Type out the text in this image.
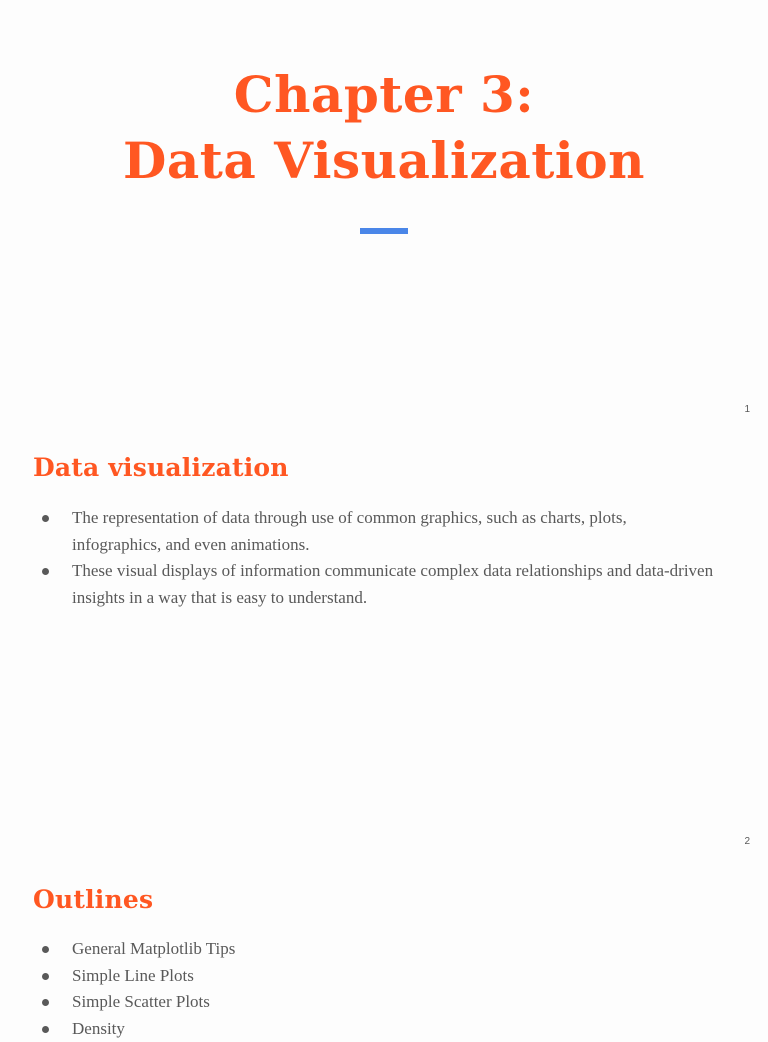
Chapter 3:
Data Visualization
1
Data visualization
The representation of data through use of common graphics, such as charts, plots, infographics, and even animations.
These visual displays of information communicate complex data relationships and data-driven insights in a way that is easy to understand.
2
Outlines
General Matplotlib Tips
Simple Line Plots
Simple Scatter Plots
Density
